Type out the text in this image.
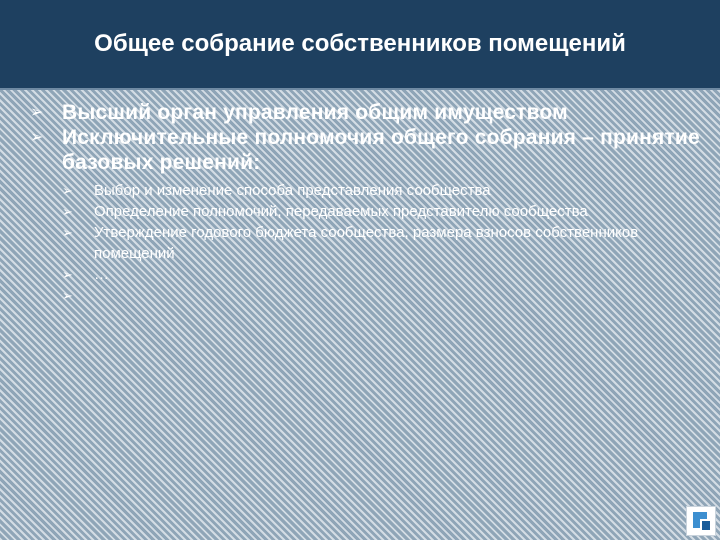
Общее собрание собственников помещений
➢ Высший орган управления общим имуществом
➢ Исключительные полномочия общего собрания – принятие базовых решений:
➢ Выбор и изменение способа представления сообщества
➢ Определение полномочий, передаваемых представителю сообщества
➢ Утверждение годового бюджета сообщества, размера взносов собственников помещений
➢ …
➢
